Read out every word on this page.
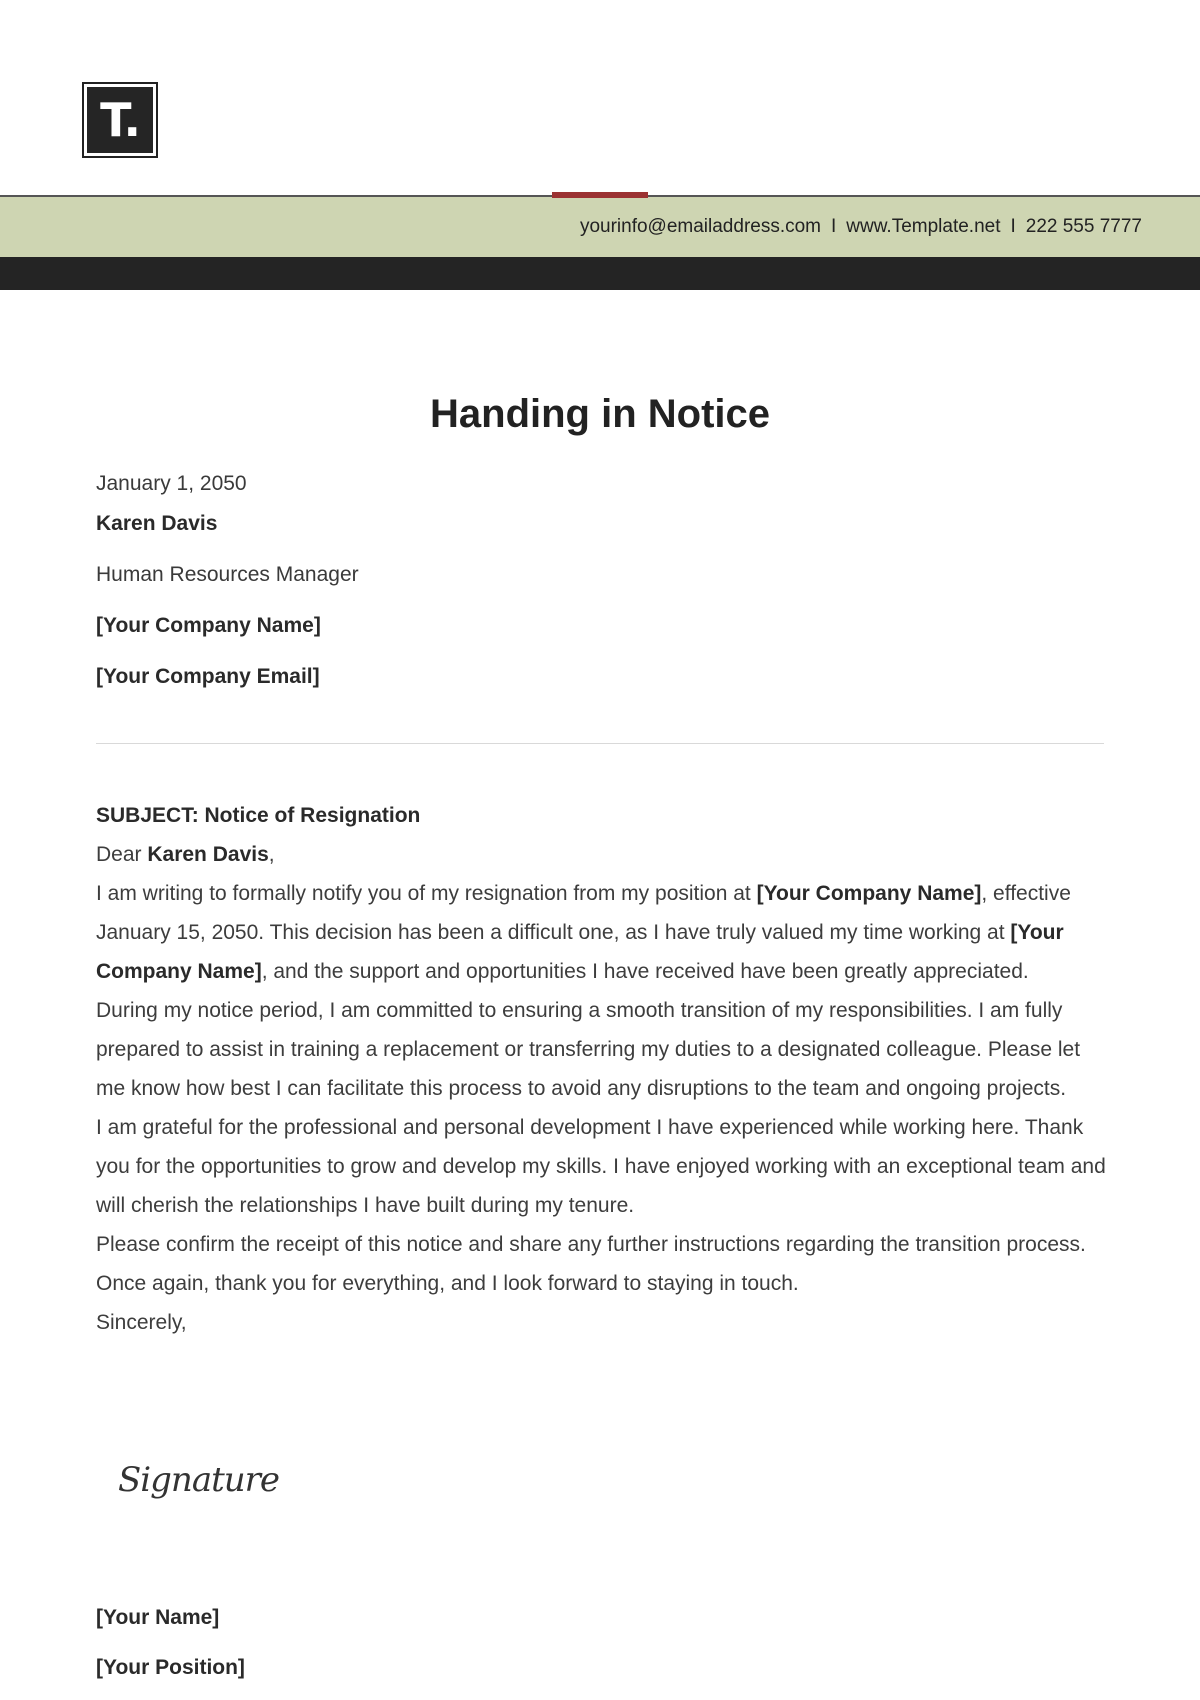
T.
yourinfo@emailaddress.com I www.Template.net I 222 555 7777
Handing in Notice
January 1, 2050
Karen Davis
Human Resources Manager
[Your Company Name]
[Your Company Email]

SUBJECT: Notice of Resignation

Dear Karen Davis,

I am writing to formally notify you of my resignation from my position at [Your Company Name], effective January 15, 2050. This decision has been a difficult one, as I have truly valued my time working at [Your Company Name], and the support and opportunities I have received have been greatly appreciated.

During my notice period, I am committed to ensuring a smooth transition of my responsibilities. I am fully prepared to assist in training a replacement or transferring my duties to a designated colleague. Please let me know how best I can facilitate this process to avoid any disruptions to the team and ongoing projects.

I am grateful for the professional and personal development I have experienced while working here. Thank you for the opportunities to grow and develop my skills. I have enjoyed working with an exceptional team and will cherish the relationships I have built during my tenure.

Please confirm the receipt of this notice and share any further instructions regarding the transition process. Once again, thank you for everything, and I look forward to staying in touch.

Sincerely,

Signature
[Your Name]
[Your Position]
